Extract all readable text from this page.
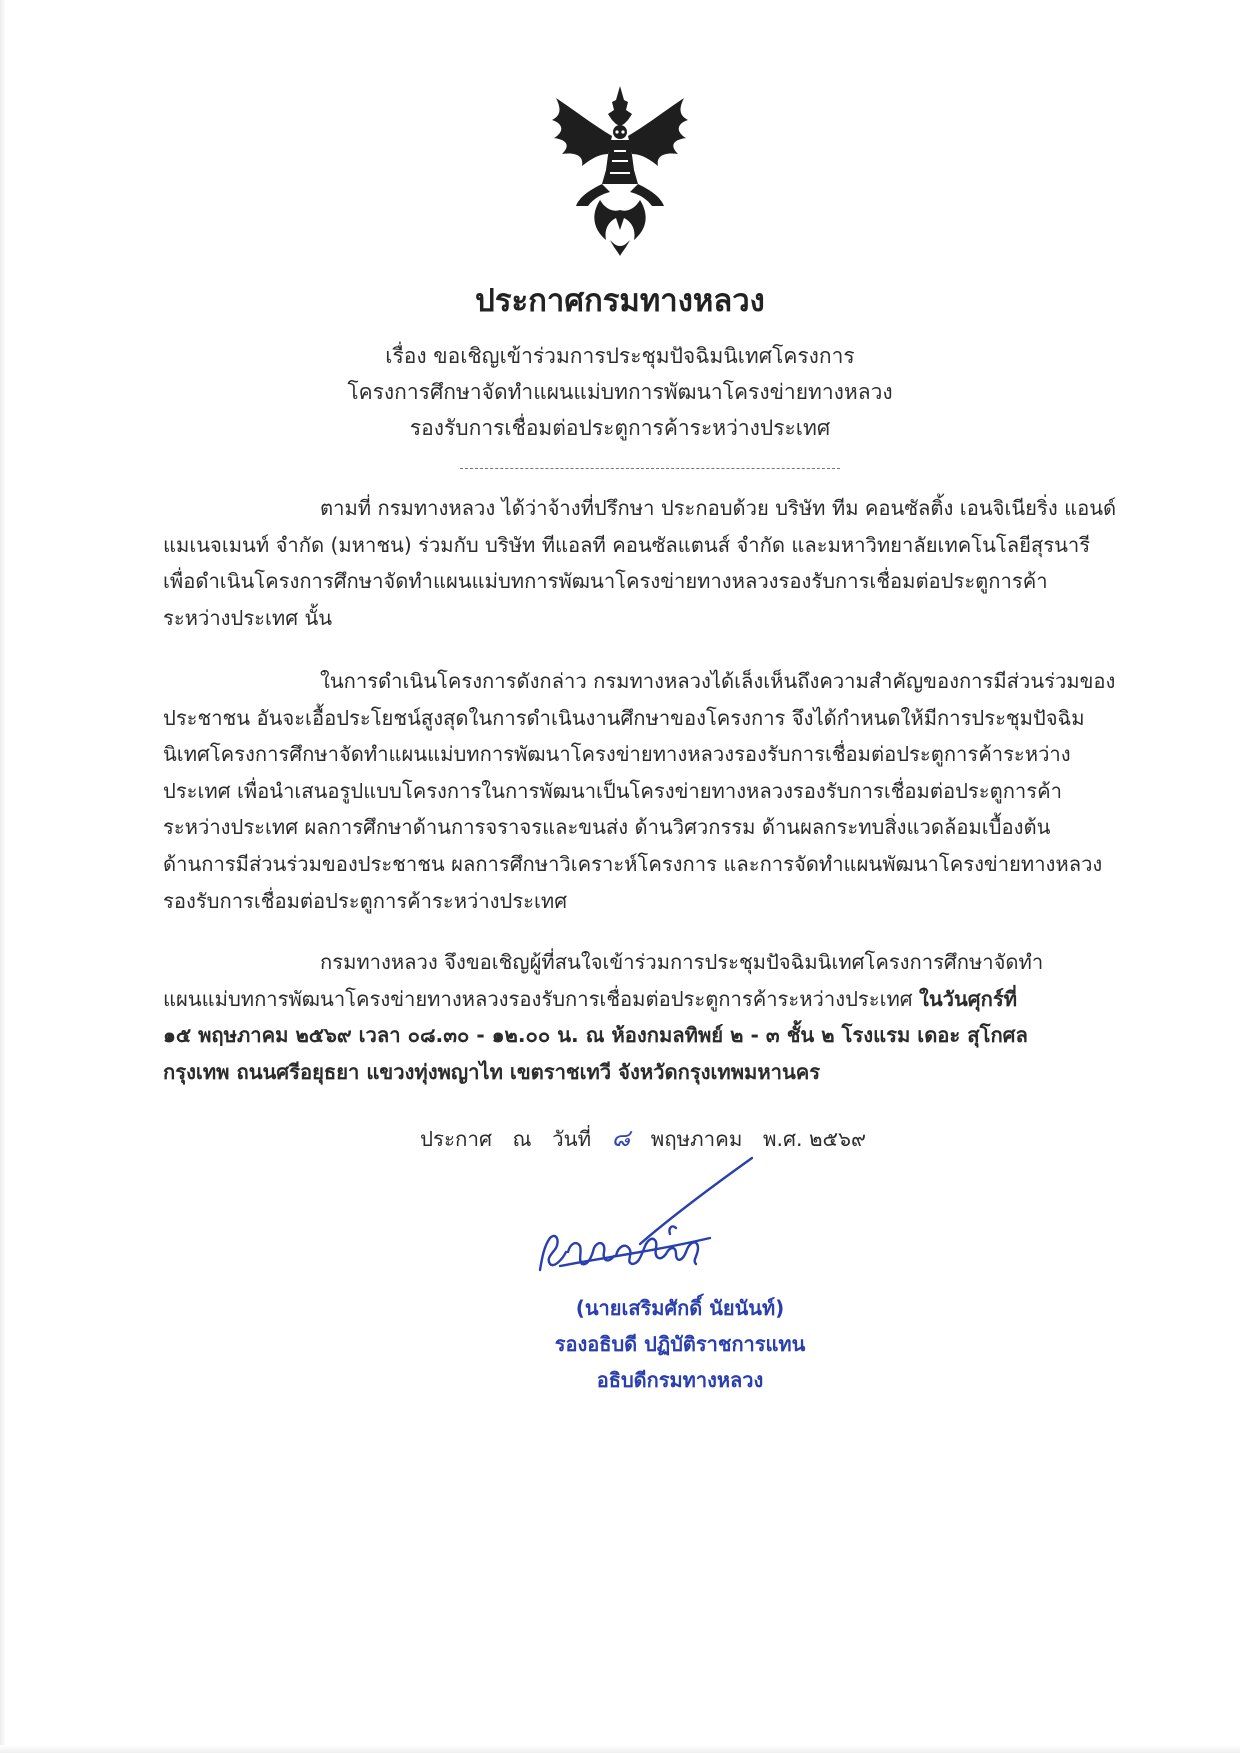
ประกาศกรมทางหลวง
เรื่อง ขอเชิญเข้าร่วมการประชุมปัจฉิมนิเทศโครงการ
โครงการศึกษาจัดทำแผนแม่บทการพัฒนาโครงข่ายทางหลวง
รองรับการเชื่อมต่อประตูการค้าระหว่างประเทศ
ตามที่ กรมทางหลวง ได้ว่าจ้างที่ปรึกษา ประกอบด้วย บริษัท ทีม คอนซัลติ้ง เอนจิเนียริ่ง แอนด์
แมเนจเมนท์ จำกัด (มหาชน) ร่วมกับ บริษัท ทีแอลที คอนซัลแตนส์ จำกัด และมหาวิทยาลัยเทคโนโลยีสุรนารี
เพื่อดำเนินโครงการศึกษาจัดทำแผนแม่บทการพัฒนาโครงข่ายทางหลวงรองรับการเชื่อมต่อประตูการค้า
ระหว่างประเทศ นั้น
ในการดำเนินโครงการดังกล่าว กรมทางหลวงได้เล็งเห็นถึงความสำคัญของการมีส่วนร่วมของ
ประชาชน อันจะเอื้อประโยชน์สูงสุดในการดำเนินงานศึกษาของโครงการ จึงได้กำหนดให้มีการประชุมปัจฉิม
นิเทศโครงการศึกษาจัดทำแผนแม่บทการพัฒนาโครงข่ายทางหลวงรองรับการเชื่อมต่อประตูการค้าระหว่าง
ประเทศ เพื่อนำเสนอรูปแบบโครงการในการพัฒนาเป็นโครงข่ายทางหลวงรองรับการเชื่อมต่อประตูการค้า
ระหว่างประเทศ ผลการศึกษาด้านการจราจรและขนส่ง ด้านวิศวกรรม ด้านผลกระทบสิ่งแวดล้อมเบื้องต้น
ด้านการมีส่วนร่วมของประชาชน ผลการศึกษาวิเคราะห์โครงการ และการจัดทำแผนพัฒนาโครงข่ายทางหลวง
รองรับการเชื่อมต่อประตูการค้าระหว่างประเทศ
กรมทางหลวง จึงขอเชิญผู้ที่สนใจเข้าร่วมการประชุมปัจฉิมนิเทศโครงการศึกษาจัดทำ
แผนแม่บทการพัฒนาโครงข่ายทางหลวงรองรับการเชื่อมต่อประตูการค้าระหว่างประเทศ ในวันศุกร์ที่
๑๕ พฤษภาคม ๒๕๖๙ เวลา ๐๘.๓๐ - ๑๒.๐๐ น. ณ ห้องกมลทิพย์ ๒ - ๓ ชั้น ๒ โรงแรม เดอะ สุโกศล
กรุงเทพ ถนนศรีอยุธยา แขวงทุ่งพญาไท เขตราชเทวี จังหวัดกรุงเทพมหานคร
ประกาศ ณ วันที่ ๘ พฤษภาคม พ.ศ. ๒๕๖๙
(นายเสริมศักดิ์ นัยนันท์)
รองอธิบดี ปฏิบัติราชการแทน
อธิบดีกรมทางหลวง
